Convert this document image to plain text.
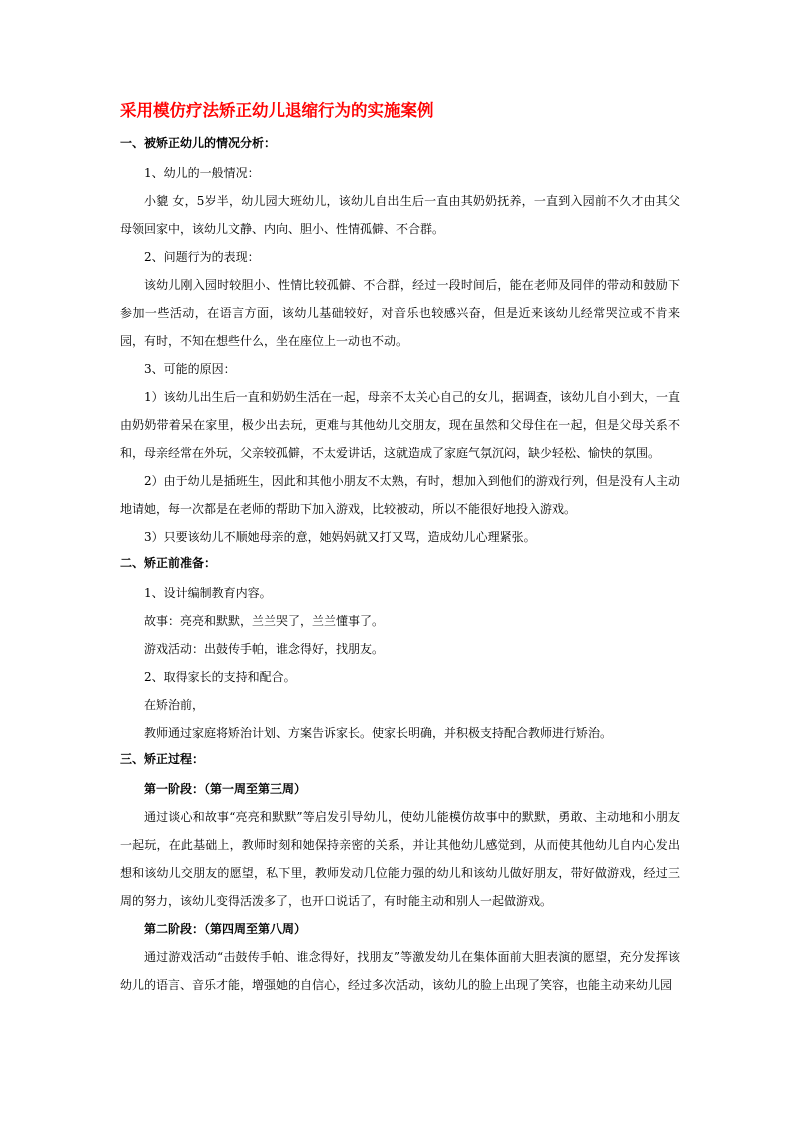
采用模仿疗法矫正幼儿退缩行为的实施案例
一、被矫正幼儿的情况分析：

1、幼儿的一般情况：

小貔 女，5岁半，幼儿园大班幼儿，该幼儿自出生后一直由其奶奶抚养，一直到入园前不久才由其父母领回家中，该幼儿文静、内向、胆小、性情孤僻、不合群。

2、问题行为的表现：

该幼儿刚入园时较胆小、性情比较孤僻、不合群，经过一段时间后，能在老师及同伴的带动和鼓励下参加一些活动，在语言方面，该幼儿基础较好，对音乐也较感兴奋，但是近来该幼儿经常哭泣或不肯来园，有时，不知在想些什么，坐在座位上一动也不动。

3、可能的原因：

1）该幼儿出生后一直和奶奶生活在一起，母亲不太关心自己的女儿，据调查，该幼儿自小到大，一直由奶奶带着呆在家里，极少出去玩，更难与其他幼儿交朋友，现在虽然和父母住在一起，但是父母关系不和，母亲经常在外玩，父亲较孤僻，不太爱讲话，这就造成了家庭气氛沉闷，缺少轻松、愉快的氛围。

2）由于幼儿是插班生，因此和其他小朋友不太熟，有时，想加入到他们的游戏行列，但是没有人主动地请她，每一次都是在老师的帮助下加入游戏，比较被动，所以不能很好地投入游戏。

3）只要该幼儿不顺她母亲的意，她妈妈就又打又骂，造成幼儿心理紧张。

二、矫正前准备：

1、设计编制教育内容。

故事：亮亮和默默，兰兰哭了，兰兰懂事了。

游戏活动：出鼓传手帕，谁念得好，找朋友。

2、取得家长的支持和配合。

在矫治前，

教师通过家庭将矫治计划、方案告诉家长。使家长明确，并积极支持配合教师进行矫治。

三、矫正过程：

第一阶段：（第一周至第三周）

通过谈心和故事“亮亮和默默”等启发引导幼儿，使幼儿能模仿故事中的默默，勇敢、主动地和小朋友一起玩，在此基础上，教师时刻和她保持亲密的关系，并让其他幼儿感觉到，从而使其他幼儿自内心发出想和该幼儿交朋友的愿望，私下里，教师发动几位能力强的幼儿和该幼儿做好朋友，带好做游戏，经过三周的努力，该幼儿变得活泼多了，也开口说话了，有时能主动和别人一起做游戏。

第二阶段：（第四周至第八周）

通过游戏活动“击鼓传手帕、谁念得好，找朋友”等激发幼儿在集体面前大胆表演的愿望，充分发挥该幼儿的语言、音乐才能，增强她的自信心，经过多次活动，该幼儿的脸上出现了笑容，也能主动来幼儿园
